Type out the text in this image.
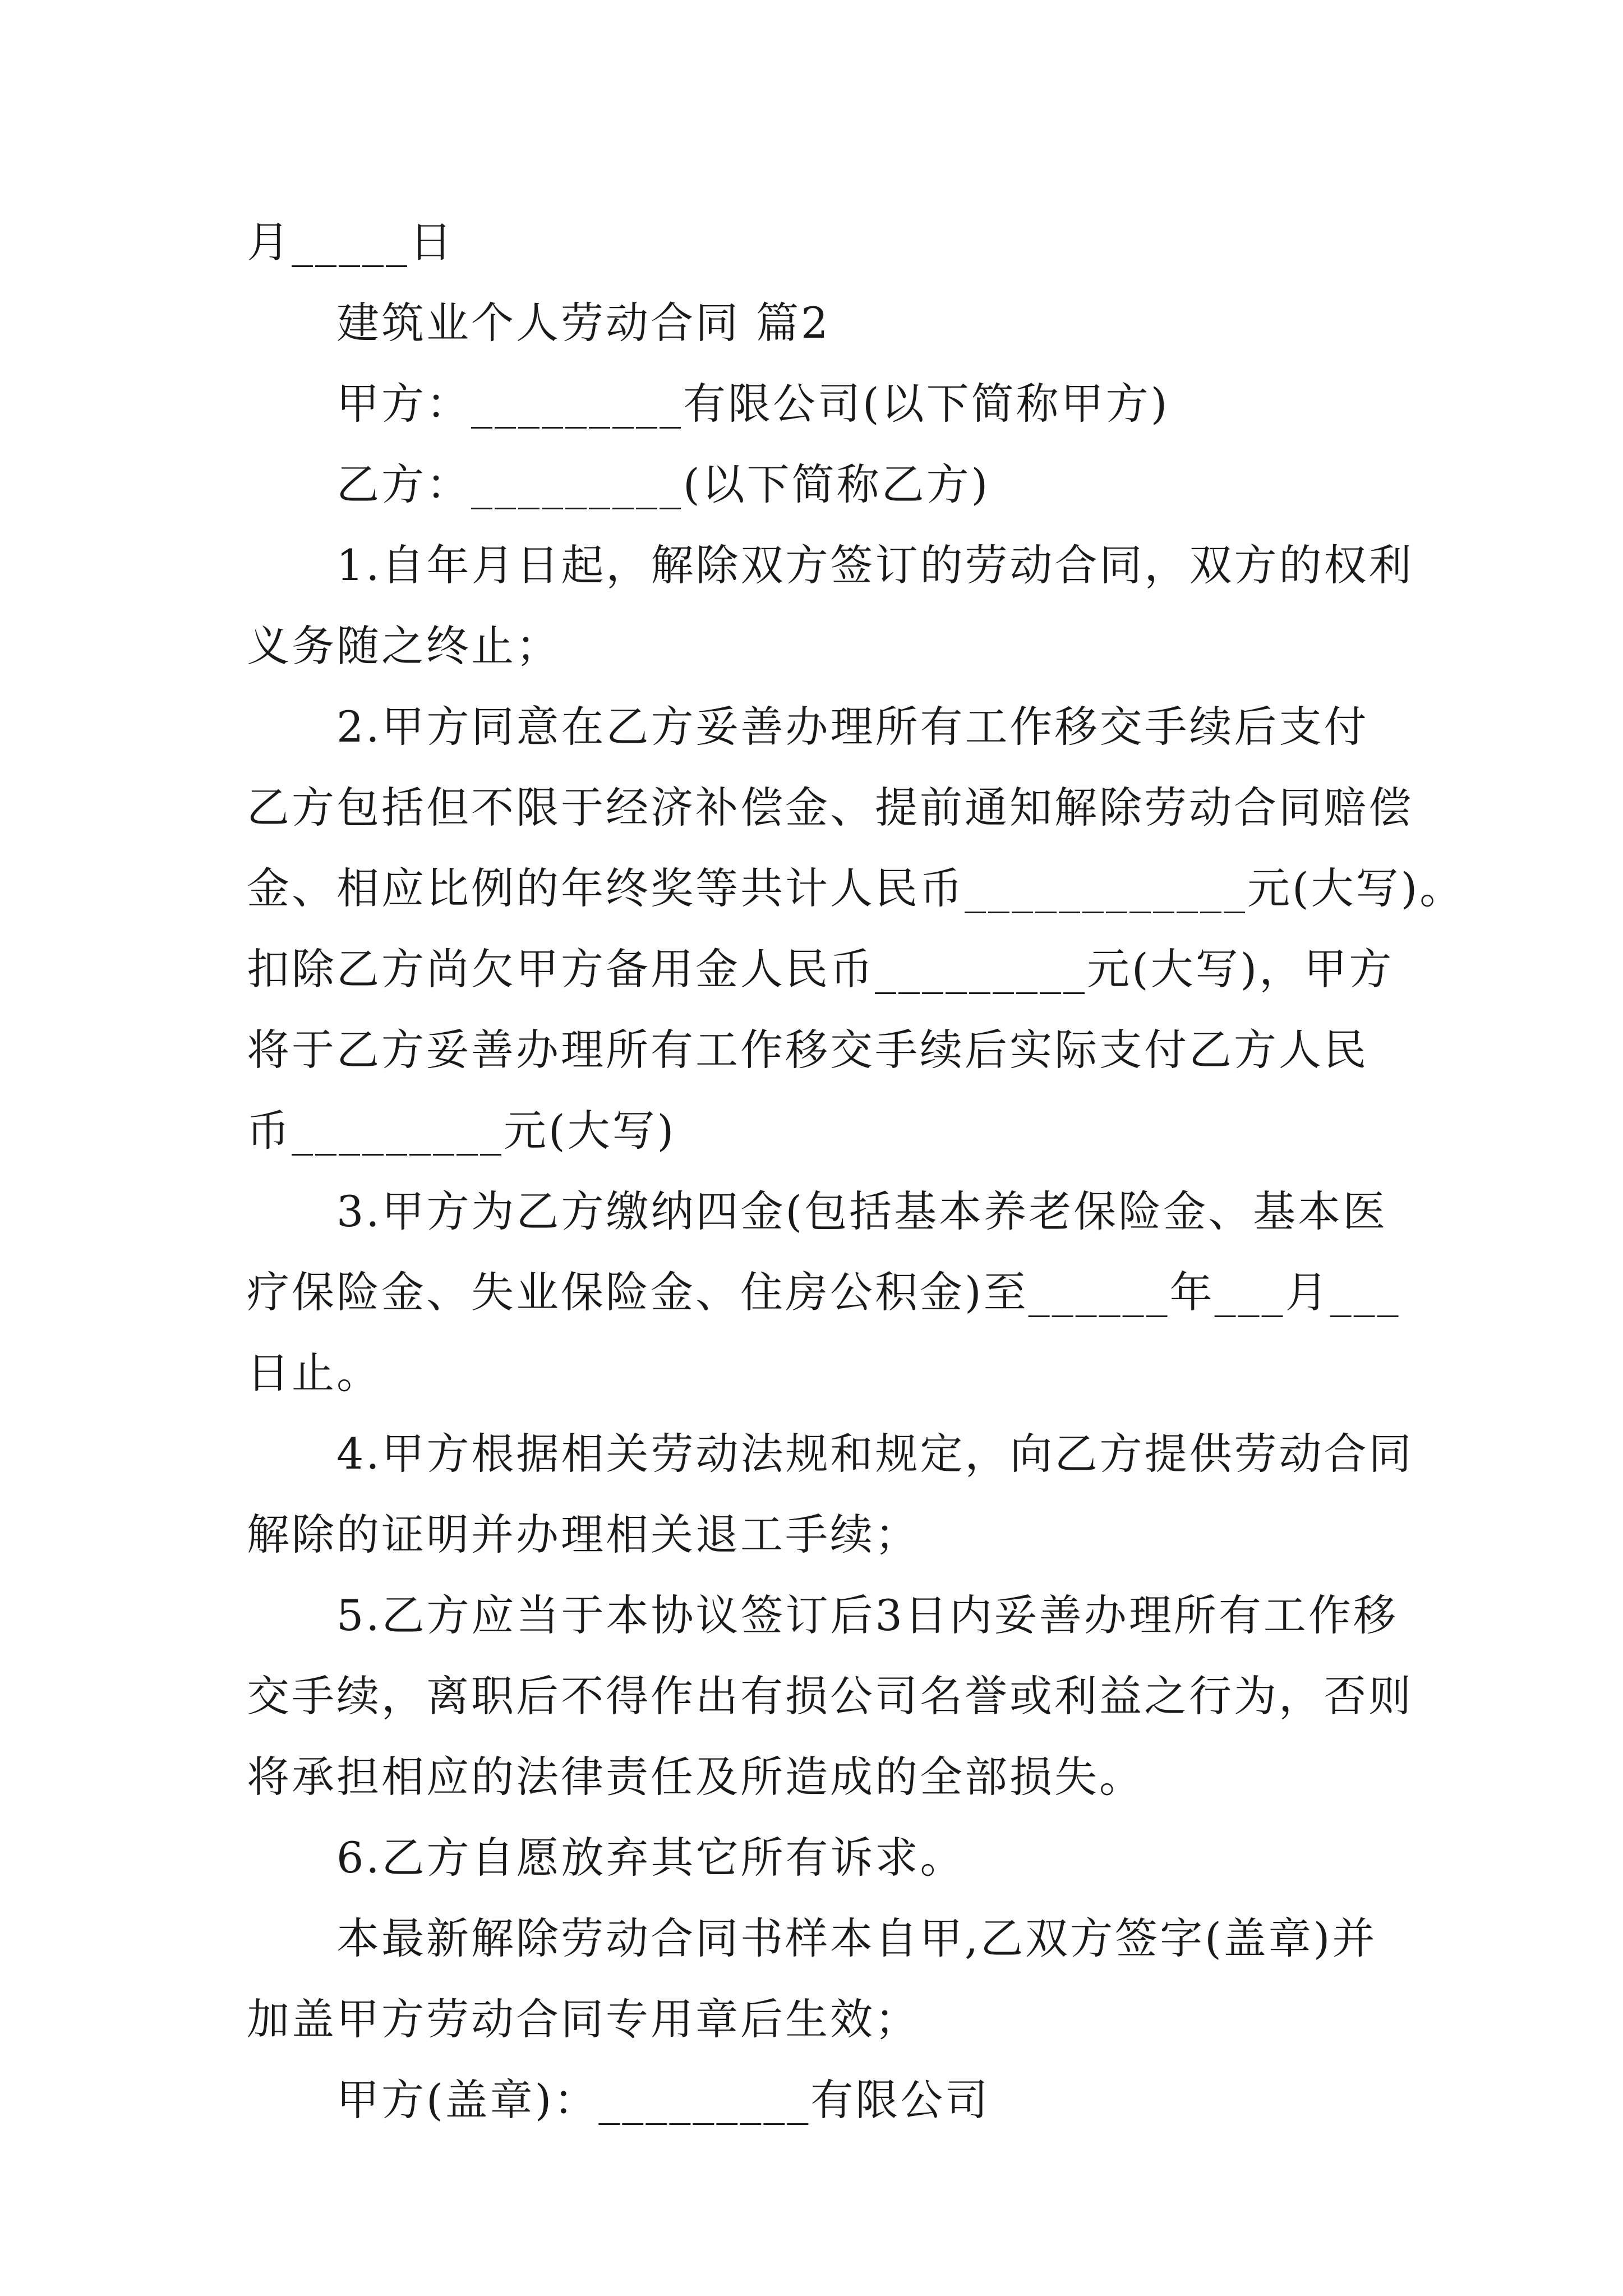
月_____日
建筑业个人劳动合同 篇2
甲方：_________有限公司(以下简称甲方)
乙方：_________(以下简称乙方)
1.自年月日起，解除双方签订的劳动合同，双方的权利
义务随之终止；
2.甲方同意在乙方妥善办理所有工作移交手续后支付
乙方包括但不限于经济补偿金、提前通知解除劳动合同赔偿
金、相应比例的年终奖等共计人民币____________元(大写)。
扣除乙方尚欠甲方备用金人民币_________元(大写)，甲方
将于乙方妥善办理所有工作移交手续后实际支付乙方人民
币_________元(大写)
3.甲方为乙方缴纳四金(包括基本养老保险金、基本医
疗保险金、失业保险金、住房公积金)至______年___月___
日止。
4.甲方根据相关劳动法规和规定，向乙方提供劳动合同
解除的证明并办理相关退工手续；
5.乙方应当于本协议签订后3日内妥善办理所有工作移
交手续，离职后不得作出有损公司名誉或利益之行为，否则
将承担相应的法律责任及所造成的全部损失。
6.乙方自愿放弃其它所有诉求。
本最新解除劳动合同书样本自甲,乙双方签字(盖章)并
加盖甲方劳动合同专用章后生效；
甲方(盖章)：_________有限公司
